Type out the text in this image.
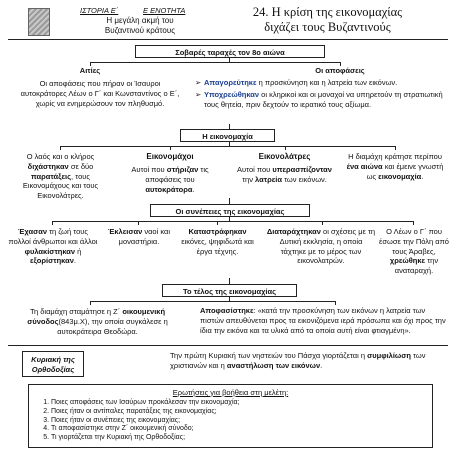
ΙΣΤΟΡΙΑ Ε΄	Ε ΕΝΟΤΗΤΑ
Η μεγάλη ακμή του
Βυζαντινού κράτους
24. Η κρίση της εικονομαχίας
διχάζει τους Βυζαντινούς
Σοβαρές ταραχές τον 8ο αιώνα
Αιτίες	Οι αποφάσεις
Οι αποφάσεις που πήραν οι Ίσαυροι αυτοκράτορες Λέων ο Γ΄ και Κωνσταντίνος ο Ε΄, χωρίς να ενημερώσουν τον πληθυσμό.
➢ Απαγορεύτηκε η προσκύνηση και η λατρεία των εικόνων.
➢ Υποχρεώθηκαν οι κληρικοί και οι μοναχοί να υπηρετούν τη στρατιωτική τους θητεία, πριν δεχτούν το ιερατικό τους αξίωμα.
Η εικονομαχία
Ο λαός και ο κλήρος διχάστηκαν σε δύο παρατάξεις, τους Εικονομάχους και τους Εικονολάτρες.
Εικονομάχοι
Αυτοί που στήριζαν τις αποφάσεις του αυτοκράτορα.
Εικονολάτρες
Αυτοί που υπερασπίζονταν την λατρεία των εικόνων.
Η διαμάχη κράτησε περίπου ένα αιώνα και έμεινε γνωστή ως εικονομαχία.
Οι συνέπειες της εικονομαχίας
Έχασαν τη ζωή τους πολλοί άνθρωποι και άλλοι φυλακίστηκαν ή εξορίστηκαν.
Έκλεισαν ναοί και μοναστήρια.
Καταστράφηκαν εικόνες, ψηφιδωτά και έργα τέχνης.
Διαταράχτηκαν οι σχέσεις με τη Δυτική εκκλησία, η οποία τάχτηκε με το μέρος των εικονολατρών.
Ο Λέων ο Γ΄ που έσωσε την Πόλη από τους Άραβες, χρεώθηκε την αναταραχή.
Το τέλος της εικονομαχίας
Τη διαμάχη σταμάτησε η Ζ΄ οικουμενική σύνοδος(843μ.Χ), την οποία συγκάλεσε η αυτοκράτειρα Θεοδώρα.
Αποφασίστηκε: «κατά την προσκύνηση των εικόνων η λατρεία των πιστών απευθύνεται προς τα εικονιζόμενα ιερά πρόσωπα και όχι προς την ίδια την εικόνα και τα υλικά από τα οποία αυτή είναι φτιαγμένη».
Κυριακή της
Ορθοδοξίας
Την πρώτη Κυριακή των νηστειών του Πάσχα γιορτάζεται η συμφιλίωση των χριστιανών και η αναστήλωση των εικόνων.
Ερωτήσεις για βοήθεια στη μελέτη:
1. Ποιες αποφάσεις των Ισαύρων προκάλεσαν την εικονομαχία;
2. Ποιες ήταν οι αντίπαλες παρατάξεις της εικονομαχίας;
3. Ποιες ήταν οι συνέπειες της εικονομαχίας;
4. Τι αποφασίστηκε στην Ζ΄ οικουμενική σύνοδο;
5. Τι γιορτάζεται την Κυριακή της Ορθοδοξίας;
